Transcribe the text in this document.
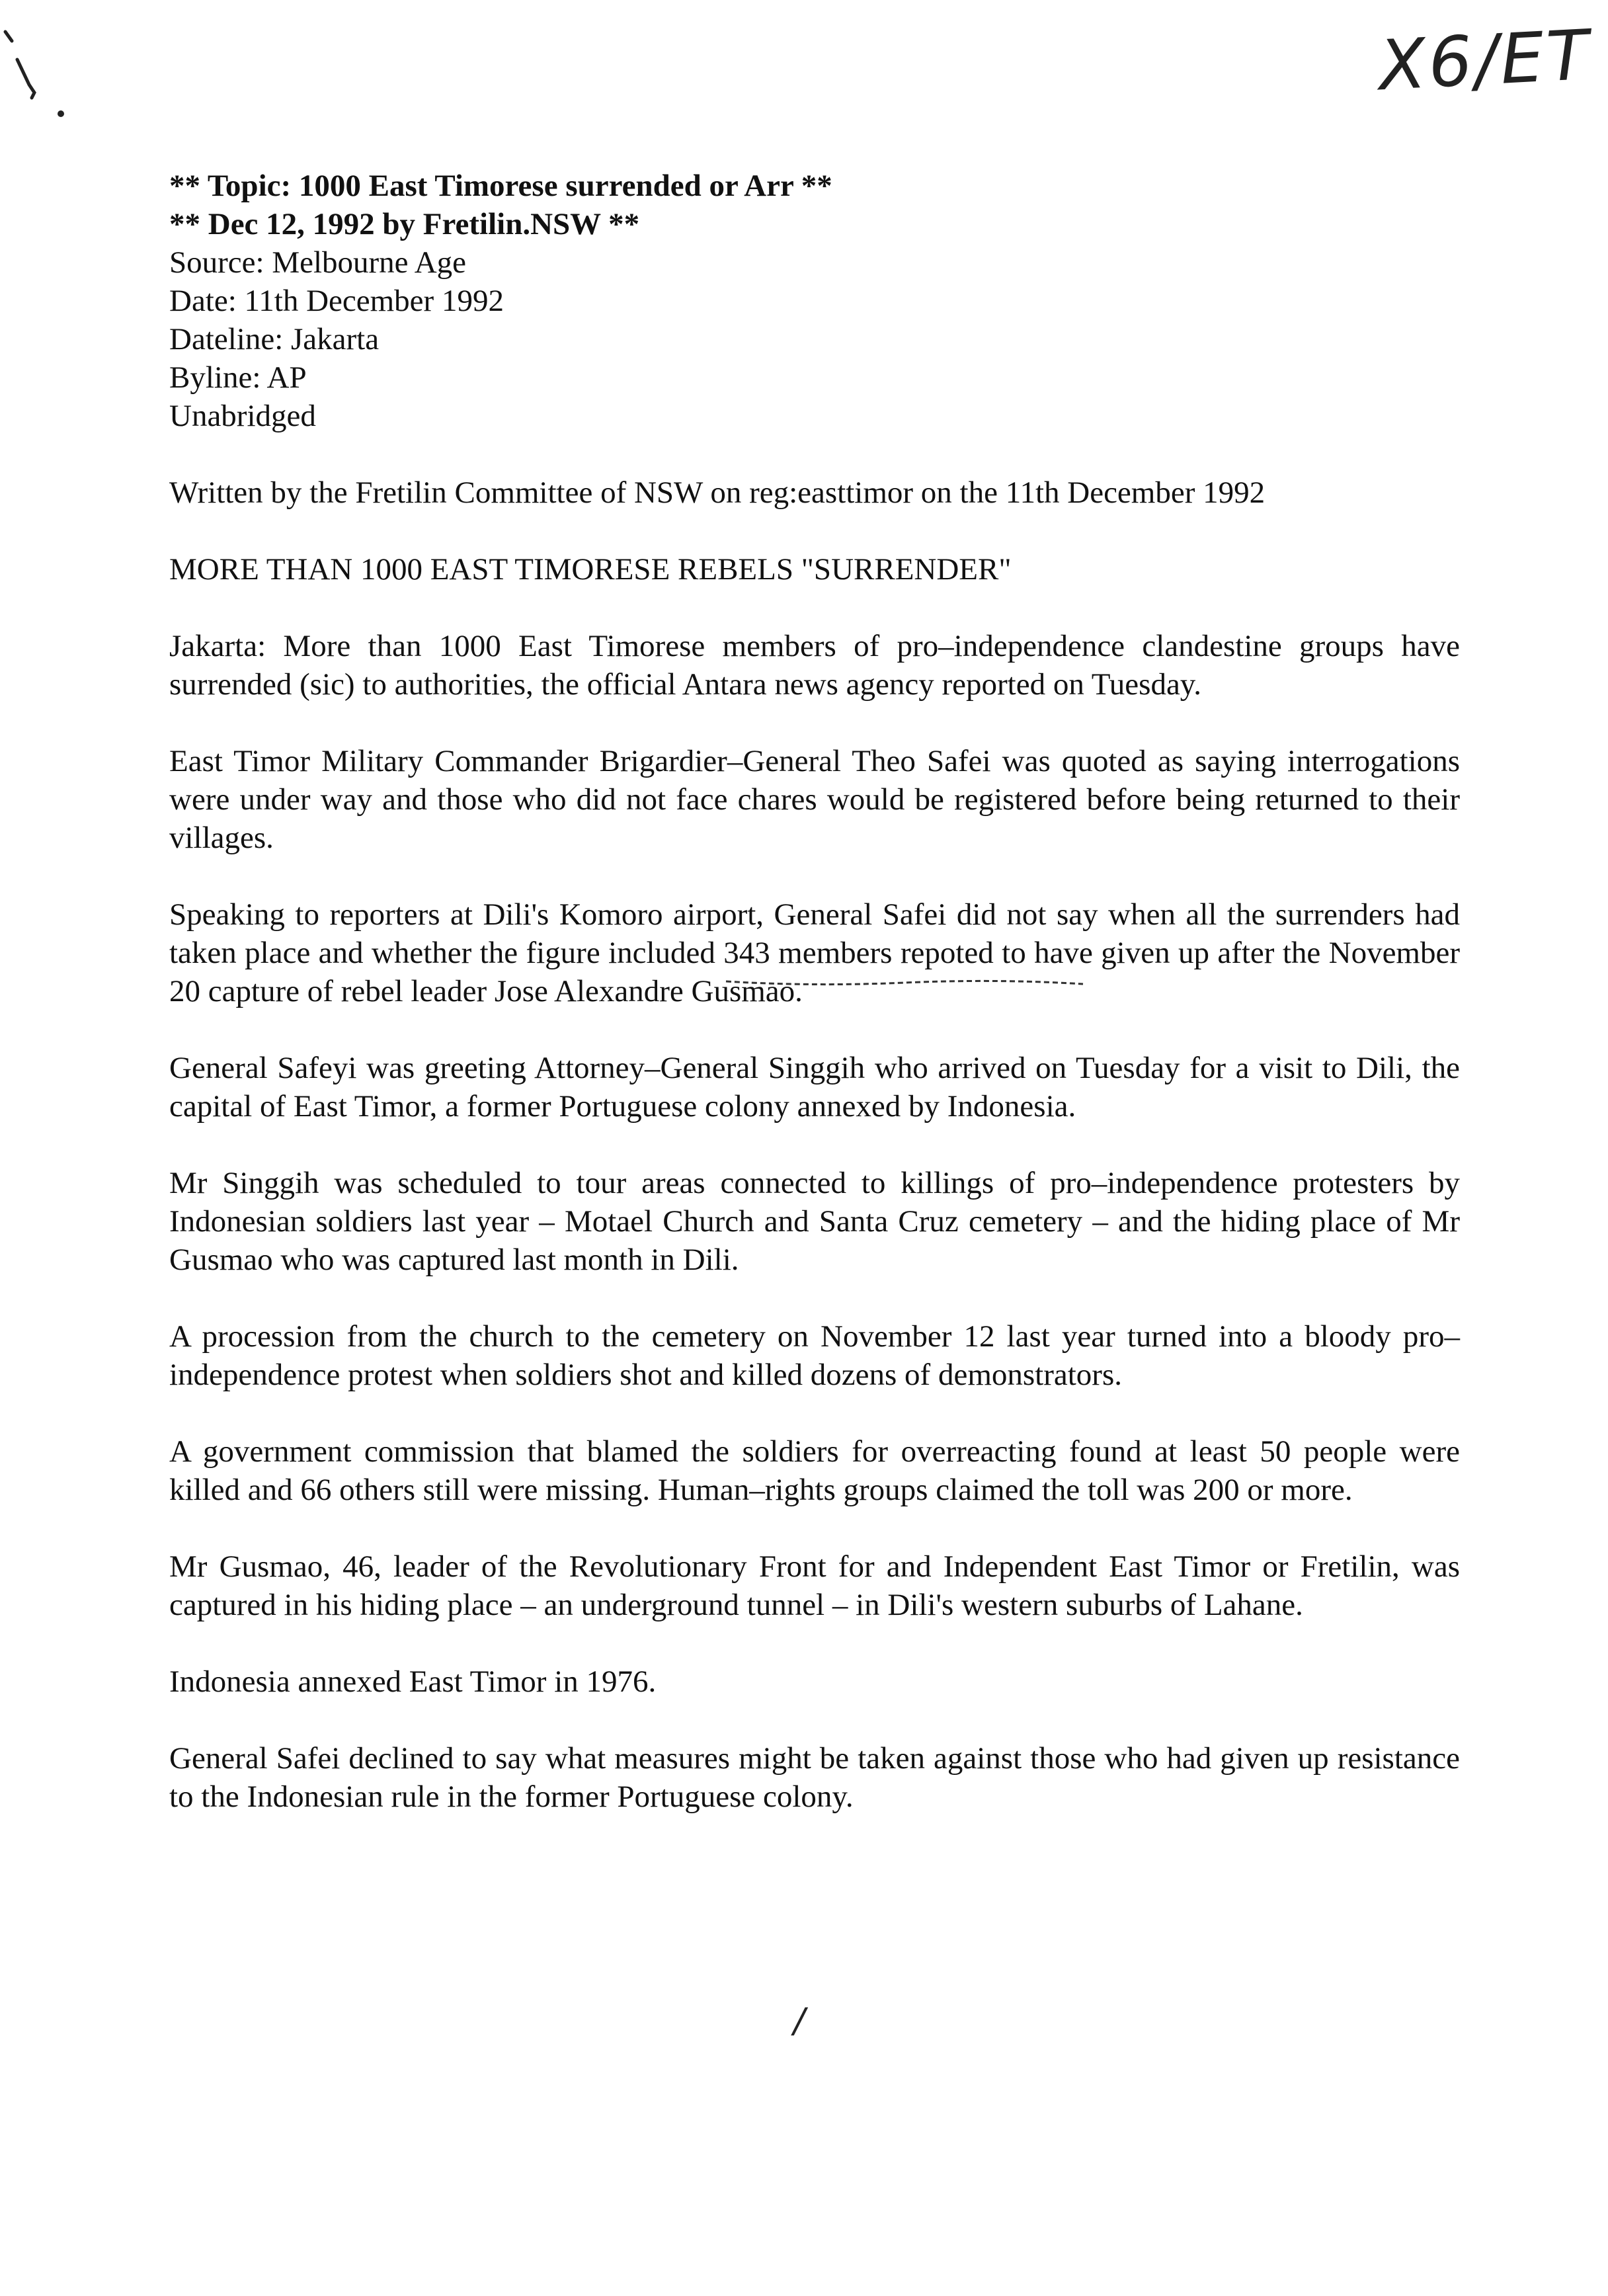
X6/ET
** Topic: 1000 East Timorese surrended or Arr **
** Dec 12, 1992 by Fretilin.NSW **
Source: Melbourne Age
Date: 11th December 1992
Dateline: Jakarta
Byline: AP
Unabridged

Written by the Fretilin Committee of NSW on reg:easttimor on the 11th December 1992

MORE THAN 1000 EAST TIMORESE REBELS "SURRENDER"

Jakarta: More than 1000 East Timorese members of pro–independence clandestine groups have surrended (sic) to authorities, the official Antara news agency reported on Tuesday.

East Timor Military Commander Brigardier–General Theo Safei was quoted as saying interrogations were under way and those who did not face chares would be registered before being returned to their villages.

Speaking to reporters at Dili's Komoro airport, General Safei did not say when all the surrenders had taken place and whether the figure included 343 members repoted to have given up after the November 20 capture of rebel leader Jose Alexandre Gusmao.

General Safeyi was greeting Attorney–General Singgih who arrived on Tuesday for a visit to Dili, the capital of East Timor, a former Portuguese colony annexed by Indonesia.

Mr Singgih was scheduled to tour areas connected to killings of pro–independence protesters by Indonesian soldiers last year – Motael Church and Santa Cruz cemetery – and the hiding place of Mr Gusmao who was captured last month in Dili.

A procession from the church to the cemetery on November 12 last year turned into a bloody pro–independence protest when soldiers shot and killed dozens of demonstrators.

A government commission that blamed the soldiers for overreacting found at least 50 people were killed and 66 others still were missing. Human–rights groups claimed the toll was 200 or more.

Mr Gusmao, 46, leader of the Revolutionary Front for and Independent East Timor or Fretilin, was captured in his hiding place – an underground tunnel – in Dili's western suburbs of Lahane.

Indonesia annexed East Timor in 1976.

General Safei declined to say what measures might be taken against those who had given up resistance to the Indonesian rule in the former Portuguese colony.

/
